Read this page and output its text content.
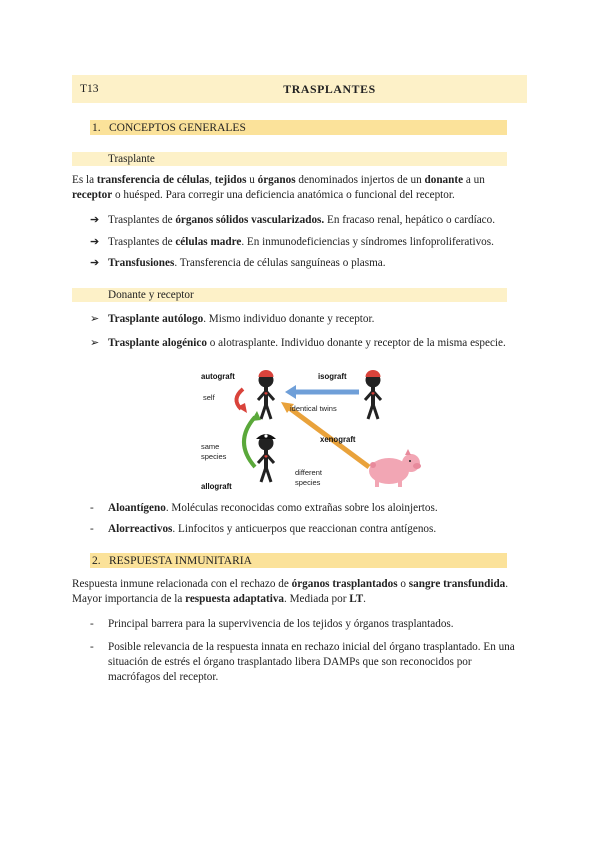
T13	TRASPLANTES
1. CONCEPTOS GENERALES
Trasplante
Es la transferencia de células, tejidos u órganos denominados injertos de un donante a un receptor o huésped. Para corregir una deficiencia anatómica o funcional del receptor.
➔ Trasplantes de órganos sólidos vascularizados. En fracaso renal, hepático o cardíaco.
➔ Trasplantes de células madre. En inmunodeficiencias y síndromes linfoproliferativos.
➔ Transfusiones. Transferencia de células sanguíneas o plasma.
Donante y receptor
➢ Trasplante autólogo. Mismo individuo donante y receptor.
➢ Trasplante alogénico o alotrasplante. Individuo donante y receptor de la misma especie.
autograft
self
isograft
identical twins
same
species
xenograft
different
species
allograft
- Aloantígeno. Moléculas reconocidas como extrañas sobre los aloinjertos.
- Alorreactivos. Linfocitos y anticuerpos que reaccionan contra antígenos.
2. RESPUESTA INMUNITARIA
Respuesta inmune relacionada con el rechazo de órganos trasplantados o sangre transfundida. Mayor importancia de la respuesta adaptativa. Mediada por LT.
- Principal barrera para la supervivencia de los tejidos y órganos trasplantados.
- Posible relevancia de la respuesta innata en rechazo inicial del órgano trasplantado. En una situación de estrés el órgano trasplantado libera DAMPs que son reconocidos por macrófagos del receptor.
